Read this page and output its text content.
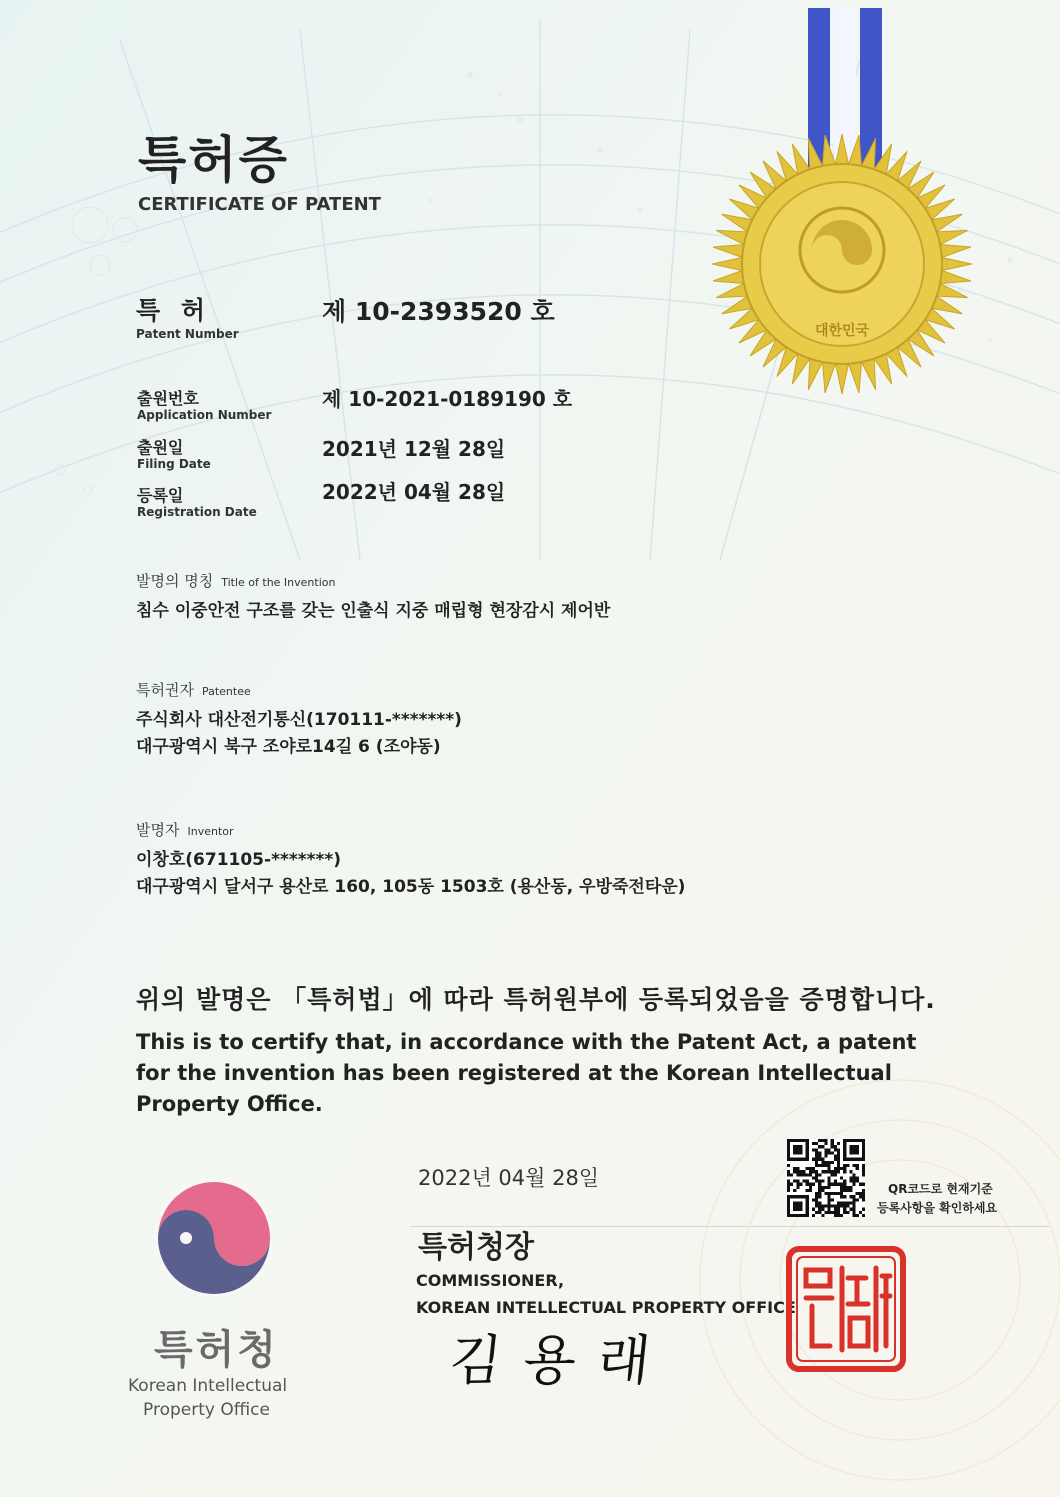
대한민국
특허증
CERTIFICATE OF PATENT
특 허
Patent Number
제 10-2393520 호
출원번호
Application Number
제 10-2021-0189190 호
출원일
Filing Date
2021년 12월 28일
등록일
Registration Date
2022년 04월 28일
발명의 명칭 Title of the Invention
침수 이중안전 구조를 갖는 인출식 지중 매립형 현장감시 제어반
특허권자 Patentee
주식회사 대산전기통신(170111-*******)
대구광역시 북구 조야로14길 6 (조야동)
발명자 Inventor
이창호(671105-*******)
대구광역시 달서구 용산로 160, 105동 1503호 (용산동, 우방죽전타운)
위의 발명은 「특허법」에 따라 특허원부에 등록되었음을 증명합니다.
This is to certify that, in accordance with the Patent Act, a patent for the invention has been registered at the Korean Intellectual Property Office.
특허청
Korean Intellectual
Property Office
2022년 04월 28일
특허청장
COMMISSIONER,
KOREAN INTELLECTUAL PROPERTY OFFICE
김용래
QR코드로 현재기준
등록사항을 확인하세요
